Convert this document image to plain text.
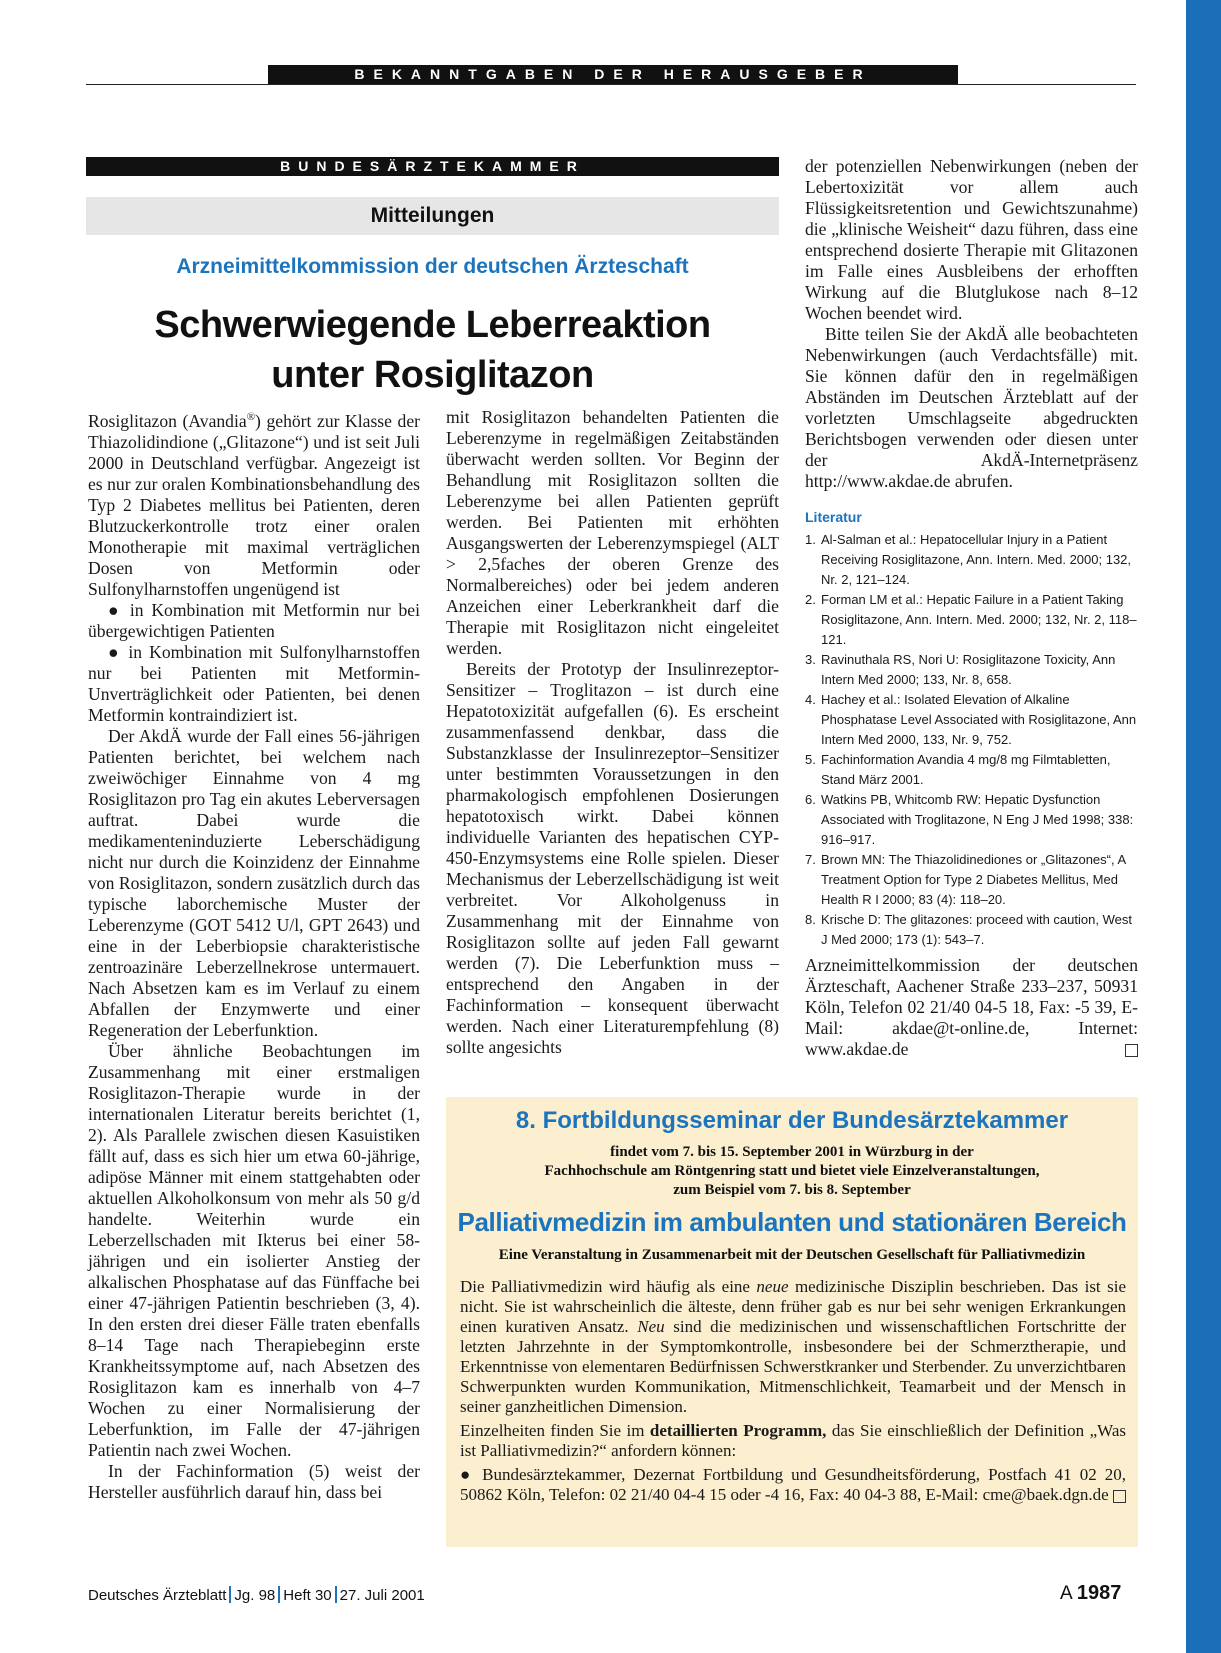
BEKANNTGABEN DER HERAUSGEBER
BUNDESÄRZTEKAMMER
Mitteilungen
Arzneimittelkommission der deutschen Ärzteschaft
Schwerwiegende Leberreaktion
unter Rosiglitazon

Rosiglitazon (Avandia®) gehört zur Klasse der Thiazolidindione („Glitazone“) und ist seit Juli 2000 in Deutschland verfügbar. Angezeigt ist es nur zur oralen Kombinationsbehandlung des Typ 2 Diabetes mellitus bei Patienten, deren Blutzuckerkontrolle trotz einer oralen Monotherapie mit maximal verträglichen Dosen von Metformin oder Sulfonylharnstoffen ungenügend ist

● in Kombination mit Metformin nur bei übergewichtigen Patienten

● in Kombination mit Sulfonylharnstoffen nur bei Patienten mit Metformin-Unverträglichkeit oder Patienten, bei denen Metformin kontraindiziert ist.

Der AkdÄ wurde der Fall eines 56-jährigen Patienten berichtet, bei welchem nach zweiwöchiger Einnahme von 4 mg Rosiglitazon pro Tag ein akutes Leberversagen auftrat. Dabei wurde die medikamenteninduzierte Leberschädigung nicht nur durch die Koinzidenz der Einnahme von Rosiglitazon, sondern zusätzlich durch das typische laborchemische Muster der Leberenzyme (GOT 5412 U/l, GPT 2643) und eine in der Leberbiopsie charakteristische zentroazinäre Leberzellnekrose untermauert. Nach Absetzen kam es im Verlauf zu einem Abfallen der Enzymwerte und einer Regeneration der Leberfunktion.

Über ähnliche Beobachtungen im Zusammenhang mit einer erstmaligen Rosiglitazon-Therapie wurde in der internationalen Literatur bereits berichtet (1, 2). Als Parallele zwischen diesen Kasuistiken fällt auf, dass es sich hier um etwa 60-jährige, adipöse Männer mit einem stattgehabten oder aktuellen Alkoholkonsum von mehr als 50 g/d handelte. Weiterhin wurde ein Leberzellschaden mit Ikterus bei einer 58-jährigen und ein isolierter Anstieg der alkalischen Phosphatase auf das Fünffache bei einer 47-jährigen Patientin beschrieben (3, 4). In den ersten drei dieser Fälle traten ebenfalls 8–14 Tage nach Therapiebeginn erste Krankheitssymptome auf, nach Absetzen des Rosiglitazon kam es innerhalb von 4–7 Wochen zu einer Normalisierung der Leberfunktion, im Falle der 47-jährigen Patientin nach zwei Wochen.

In der Fachinformation (5) weist der Hersteller ausführlich darauf hin, dass bei

mit Rosiglitazon behandelten Patienten die Leberenzyme in regelmäßigen Zeitabständen überwacht werden sollten. Vor Beginn der Behandlung mit Rosiglitazon sollten die Leberenzyme bei allen Patienten geprüft werden. Bei Patienten mit erhöhten Ausgangswerten der Leberenzymspiegel (ALT > 2,5faches der oberen Grenze des Normalbereiches) oder bei jedem anderen Anzeichen einer Leberkrankheit darf die Therapie mit Rosiglitazon nicht eingeleitet werden.

Bereits der Prototyp der Insulinrezeptor-Sensitizer – Troglitazon – ist durch eine Hepatotoxizität aufgefallen (6). Es erscheint zusammenfassend denkbar, dass die Substanzklasse der Insulinrezeptor–Sensitizer unter bestimmten Voraussetzungen in den pharmakologisch empfohlenen Dosierungen hepatotoxisch wirkt. Dabei können individuelle Varianten des hepatischen CYP-450-Enzymsystems eine Rolle spielen. Dieser Mechanismus der Leberzellschädigung ist weit verbreitet. Vor Alkoholgenuss in Zusammenhang mit der Einnahme von Rosiglitazon sollte auf jeden Fall gewarnt werden (7). Die Leberfunktion muss – entsprechend den Angaben in der Fachinformation – konsequent überwacht werden. Nach einer Literaturempfehlung (8) sollte angesichts

der potenziellen Nebenwirkungen (neben der Lebertoxizität vor allem auch Flüssigkeitsretention und Gewichtszunahme) die „klinische Weisheit“ dazu führen, dass eine entsprechend dosierte Therapie mit Glitazonen im Falle eines Ausbleibens der erhofften Wirkung auf die Blutglukose nach 8–12 Wochen beendet wird.

Bitte teilen Sie der AkdÄ alle beobachteten Nebenwirkungen (auch Verdachtsfälle) mit. Sie können dafür den in regelmäßigen Abständen im Deutschen Ärzteblatt auf der vorletzten Umschlagseite abgedruckten Berichtsbogen verwenden oder diesen unter der AkdÄ-Internetpräsenz http://www.akdae.de abrufen.

Literatur
1. Al-Salman et al.: Hepatocellular Injury in a Patient Receiving Rosiglitazone, Ann. Intern. Med. 2000; 132, Nr. 2, 121–124.
2. Forman LM et al.: Hepatic Failure in a Patient Taking Rosiglitazone, Ann. Intern. Med. 2000; 132, Nr. 2, 118–121.
3. Ravinuthala RS, Nori U: Rosiglitazone Toxicity, Ann Intern Med 2000; 133, Nr. 8, 658.
4. Hachey et al.: Isolated Elevation of Alkaline Phosphatase Level Associated with Rosiglitazone, Ann Intern Med 2000, 133, Nr. 9, 752.
5. Fachinformation Avandia 4 mg/8 mg Filmtabletten, Stand März 2001.
6. Watkins PB, Whitcomb RW: Hepatic Dysfunction Associated with Troglitazone, N Eng J Med 1998; 338: 916–917.
7. Brown MN: The Thiazolidinediones or „Glitazones“, A Treatment Option for Type 2 Diabetes Mellitus, Med Health R I 2000; 83 (4): 118–20.
8. Krische D: The glitazones: proceed with caution, West J Med 2000; 173 (1): 543–7.
Arzneimittelkommission der deutschen Ärzteschaft, Aachener Straße 233–237, 50931 Köln, Telefon 02 21/40 04-5 18, Fax: -5 39, E-Mail: akdae@t-online.de, Internet: www.akdae.de
8. Fortbildungsseminar der Bundesärztekammer
findet vom 7. bis 15. September 2001 in Würzburg in der
Fachhochschule am Röntgenring statt und bietet viele Einzelveranstaltungen,
zum Beispiel vom 7. bis 8. September
Palliativmedizin im ambulanten und stationären Bereich
Eine Veranstaltung in Zusammenarbeit mit der Deutschen Gesellschaft für Palliativmedizin

Die Palliativmedizin wird häufig als eine neue medizinische Disziplin beschrieben. Das ist sie nicht. Sie ist wahrscheinlich die älteste, denn früher gab es nur bei sehr wenigen Erkrankungen einen kurativen Ansatz. Neu sind die medizinischen und wissenschaftlichen Fortschritte der letzten Jahrzehnte in der Symptomkontrolle, insbesondere bei der Schmerztherapie, und Erkenntnisse von elementaren Bedürfnissen Schwerstkranker und Sterbender. Zu unverzichtbaren Schwerpunkten wurden Kommunikation, Mitmenschlichkeit, Teamarbeit und der Mensch in seiner ganzheitlichen Dimension.

Einzelheiten finden Sie im detaillierten Programm, das Sie einschließlich der Definition „Was ist Palliativmedizin?“ anfordern können:

● Bundesärztekammer, Dezernat Fortbildung und Gesundheitsförderung, Postfach 41 02 20, 50862 Köln, Telefon: 02 21/40 04-4 15 oder -4 16, Fax: 40 04-3 88, E-Mail: cme@baek.dgn.de

Deutsches Ärzteblatt Jg. 98 Heft 30 27. Juli 2001	A 1987
